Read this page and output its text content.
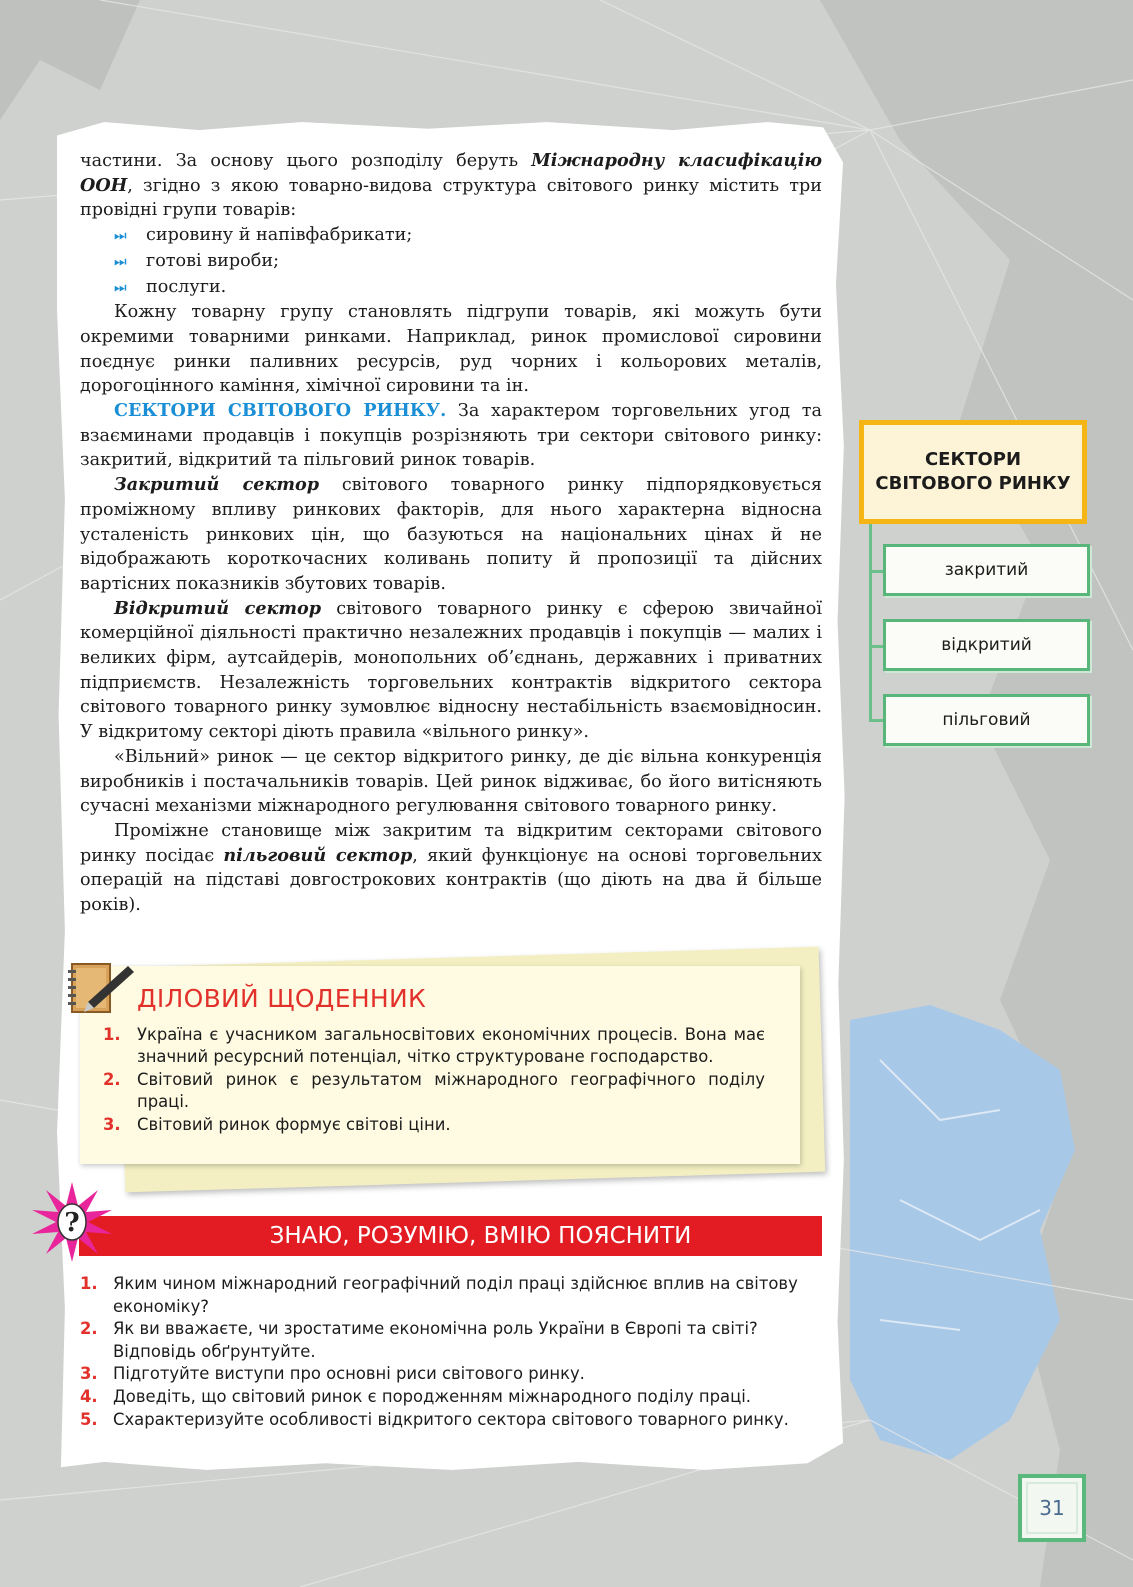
частини. За основу цього розподілу беруть Міжнародну класифікацію ООН, згідно з якою товарно-видова структура світового ринку містить три провідні групи товарів:

⏭	сировину й напівфабрикати;
⏭	готові вироби;
⏭	послуги.

Кожну товарну групу становлять підгрупи товарів, які можуть бути окремими товарними ринками. Наприклад, ринок промислової сировини поєднує ринки паливних ресурсів, руд чорних і кольорових металів, дорогоцінного каміння, хімічної сировини та ін.

СЕКТОРИ СВІТОВОГО РИНКУ. За характером торговельних угод та взаєминами продавців і покупців розрізняють три сектори світового ринку: закритий, відкритий та пільговий ринок товарів.

Закритий сектор світового товарного ринку підпорядковується проміжному впливу ринкових факторів, для нього характерна відносна усталеність ринкових цін, що базуються на національних цінах й не відображають короткочасних коливань попиту й пропозиції та дійсних вартісних показників збутових товарів.

Відкритий сектор світового товарного ринку є сферою звичайної комерційної діяльності практично незалежних продавців і покупців — малих і великих фірм, аутсайдерів, монопольних об’єднань, державних і приватних підприємств. Незалежність торговельних контрактів відкритого сектора світового товарного ринку зумовлює відносну нестабільність взаємовідносин. У відкритому секторі діють правила «вільного ринку».

«Вільний» ринок — це сектор відкритого ринку, де діє вільна конкуренція виробників і постачальників товарів. Цей ринок відживає, бо його витісняють сучасні механізми міжнародного регулювання світового товарного ринку.

Проміжне становище між закритим та відкритим секторами світового ринку посідає пільговий сектор, який функціонує на основі торговельних операцій на підставі довгострокових контрактів (що діють на два й більше років).

СЕКТОРИ СВІТОВОГО РИНКУ
закритий
відкритий
пільговий
ДІЛОВИЙ ЩОДЕННИК
1. Україна є учасником загальносвітових економічних процесів. Вона має значний ресурсний потенціал, чітко структуроване господарство.
2. Світовий ринок є результатом міжнародного географічного поділу праці.
3. Світовий ринок формує світові ціни.
ЗНАЮ, РОЗУМІЮ, ВМІЮ ПОЯСНИТИ
?
1. Яким чином міжнародний географічний поділ праці здійснює вплив на світову економіку?
2. Як ви вважаєте, чи зростатиме економічна роль України в Європі та світі? Відповідь обґрунтуйте.
3. Підготуйте виступи про основні риси світового ринку.
4. Доведіть, що світовий ринок є породженням міжнародного поділу праці.
5. Схарактеризуйте особливості відкритого сектора світового товарного ринку.
31
